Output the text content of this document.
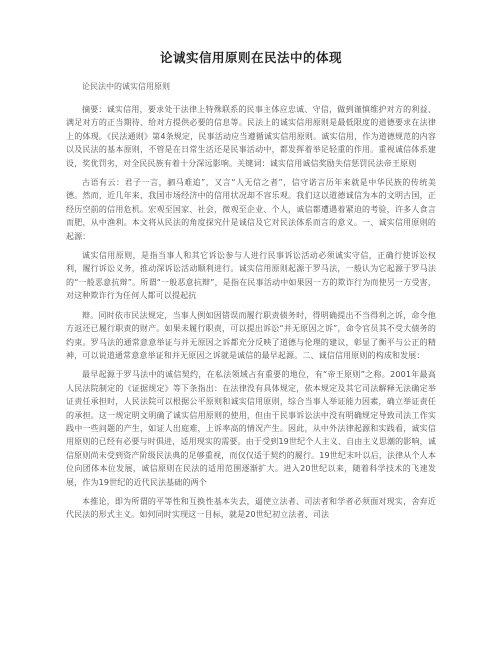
论诚实信用原则在民法中的体现

论民法中的诚实信用原则

摘要：诚实信用，要求处于法律上特殊联系的民事主体应忠诚、守信，做到谨慎维护对方的利益、满足对方的正当期待、给对方提供必要的信息等。民法上的诚实信用原则是最低限度的道德要求在法律上的体现。《民法通则》第4条规定，民事活动应当遵循诚实信用原则。诚实信用，作为道德规范的内容以及民法的基本原则，不管是在日常生活还是民事活动中，都发挥着举足轻重的作用。重视诚信体系建设，奖优罚劣，对全民民族有着十分深远影响。关键词：诚实信用诚信奖励失信惩罚民法帝王原则

古语有云：君子一言，驷马难追”，又言“人无信之者”，信守诺言历年来就是中华民族的传统美德。然而，近几年来，我国市场经济中的信用状况却不容乐观。我们这以道德诚信为本的文明古国，正经历空前的信用危机。宏观至国家、社会，微观至企业、个人，诚信都遭遇着紧迫的考验，许多人食言而肥，从中渔利。本文将从民法的角度探究什是诚信及它对民法体系而言的意义。一、诚实信用原则的起源：

诚实信用原则，是指当事人和其它诉讼参与人进行民事诉讼活动必须诚实守信，正确行使诉讼权利，履行诉讼义务，推动深诉讼活动顺利进行。诚实信用原则起源于罗马法，一般认为它起源于罗马法的“一般恶意抗辩”。所谓“一般恶意抗辩”，是指在民事活动中如果因一方的欺诈行为而使另一方受害，对这种欺诈行为任何人都可以提起抗

辩。同时依市民法规定，当事人例如因错误而履行职责债务时，得明确提出不当得利之诉，命令他方返还已履行职责的财产。如果未履行职责，可以提出诉讼“并无原因之诉”，命令官员其不受大债务的约束。罗马法的通常意意举证与并无原因之诉都充分反映了道德与伦理的建议，彰显了衡平与公正的精神，可以说道通常意意举证和并无原因之诉就是诚信的最早起源。二、诚信信用原则的构成和发展：

最早起源于罗马法中的诚信契约，在私法领域占有重要的地位，有“帝王原则”之称。2001年最高人民法院制定的《证据规定》等下条指出：在法律没有具体规定，依本规定及其它司法解释无法确定举证责任承担时，人民法院可以根据公平原则和诚实信用原则，综合当事人举证能力因素，确立举证责任的承担。这一规定明文明确了诚实信用原则的使用，但由于民事诉讼法中没有明确规定导致司法工作实践中一些问题的产生，如证人出庭难，上诉率高的情况产生。因此，从中外法律起源和实践看，诚实信用原则的已经有必要与时俱进，适用现实的需要。由于受到19世纪个人主义、自由主义思潮的影响，诚信原则尚未受到资产阶级民法典的足够重视，而仅仅适于契约的履行。19世纪末叶以后，法律从个人本位向团体本位发展，诚信原则在民法的适用范围逐渐扩大。进入20世纪以来，随着科学技术的飞速发展，作为19世纪的近代民法基础的两个

本推论，即为所谓的平等性和互换性基本失去，逼使立法者、司法者和学者必须面对现实，舍弃近代民法的形式主义。如何同时实现这一目标，就是20世纪初立法者、司法
